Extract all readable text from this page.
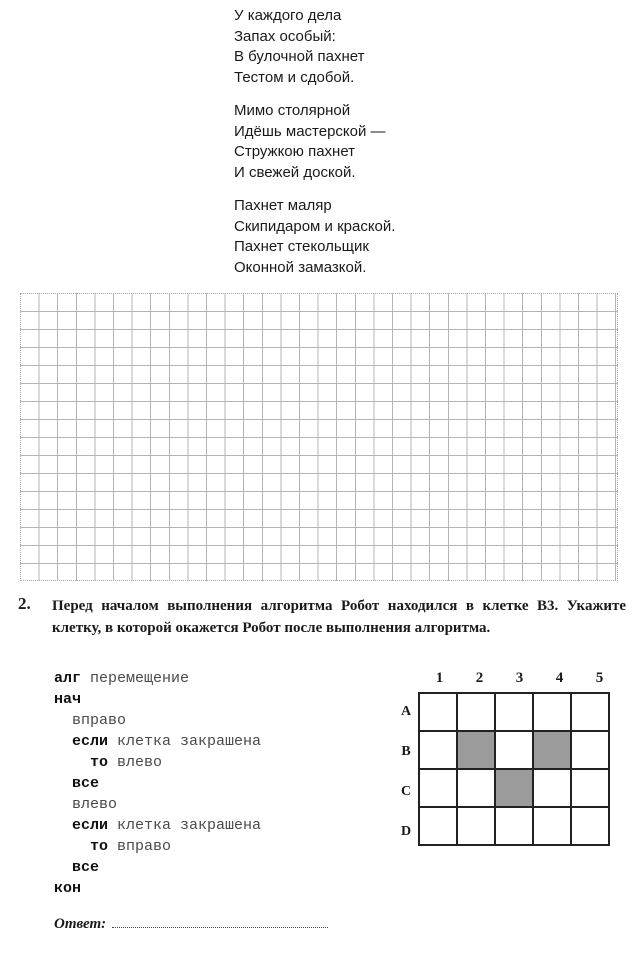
У каждого дела
Запах особый:
В булочной пахнет
Тестом и сдобой.
Мимо столярной
Идёшь мастерской —
Стружкою пахнет
И свежей доской.
Пахнет маляр
Скипидаром и краской.
Пахнет стекольщик
Оконной замазкой.
2. Перед началом выполнения алгоритма Робот находился в клетке B3. Укажите клетку, в которой окажется Робот после выполнения алгоритма.
алг перемещение
нач
вправо
если клетка закрашена
то влево
все
влево
если клетка закрашена
то вправо
все
кон
1	2	3	4	5
A
B
C
D
Ответ:
